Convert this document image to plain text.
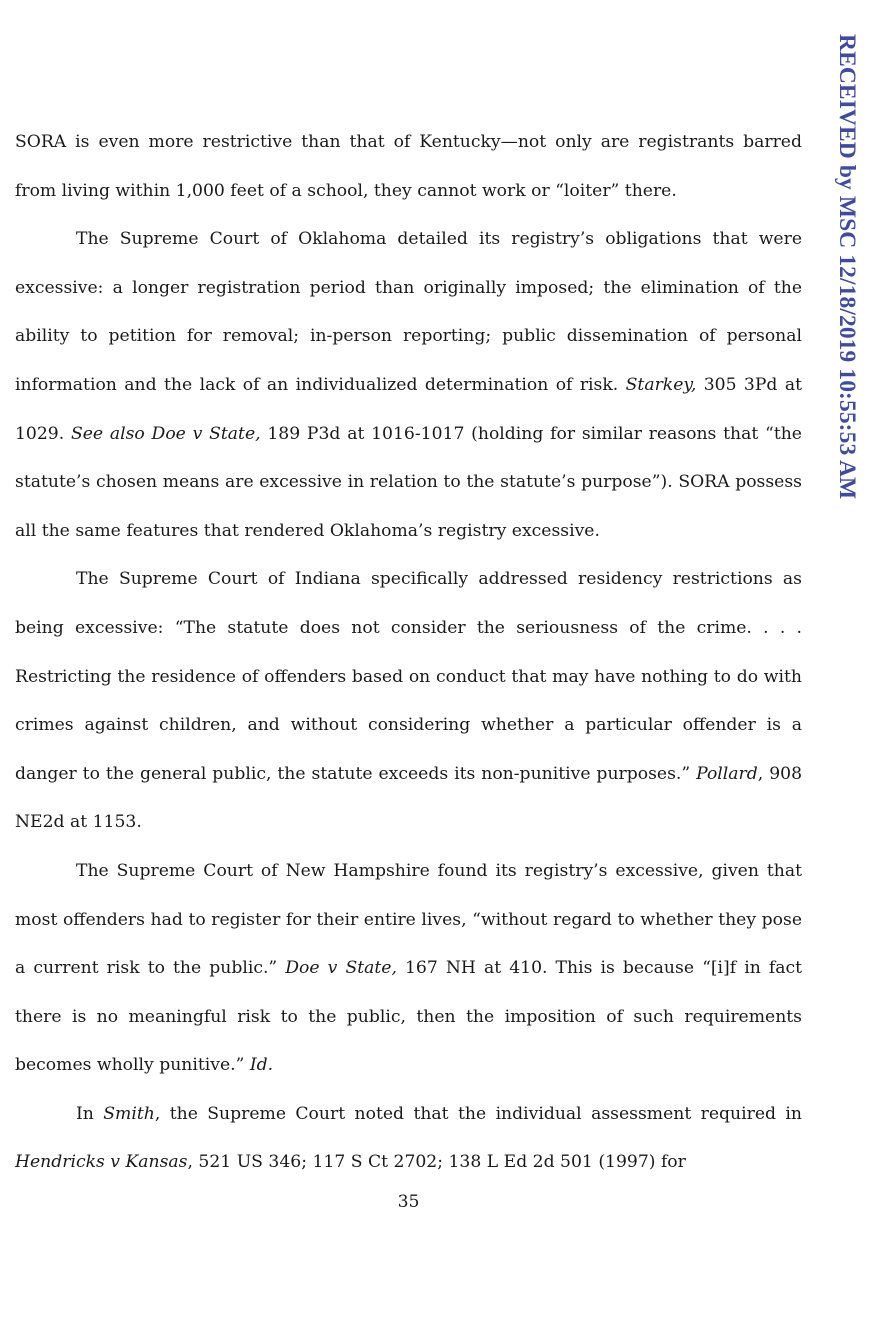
RECEIVED by MSC 12/18/2019 10:55:53 AM

SORA is even more restrictive than that of Kentucky—not only are registrants barred from living within 1,000 feet of a school, they cannot work or “loiter” there.

The Supreme Court of Oklahoma detailed its registry’s obligations that were excessive: a longer registration period than originally imposed; the elimination of the ability to petition for removal; in-person reporting; public dissemination of personal information and the lack of an individualized determination of risk. Starkey, 305 3Pd at 1029. See also Doe v State, 189 P3d at 1016-1017 (holding for similar reasons that “the statute’s chosen means are excessive in relation to the statute’s purpose”). SORA possess all the same features that rendered Oklahoma’s registry excessive.

The Supreme Court of Indiana specifically addressed residency restrictions as being excessive: “The statute does not consider the seriousness of the crime. . . . Restricting the residence of offenders based on conduct that may have nothing to do with crimes against children, and without considering whether a particular offender is a danger to the general public, the statute exceeds its non-punitive purposes.” Pollard, 908 NE2d at 1153.

The Supreme Court of New Hampshire found its registry’s excessive, given that most offenders had to register for their entire lives, “without regard to whether they pose a current risk to the public.” Doe v State, 167 NH at 410. This is because “[i]f in fact there is no meaningful risk to the public, then the imposition of such requirements becomes wholly punitive.” Id.

In Smith, the Supreme Court noted that the individual assessment required in Hendricks v Kansas, 521 US 346; 117 S Ct 2702; 138 L Ed 2d 501 (1997) for

35
